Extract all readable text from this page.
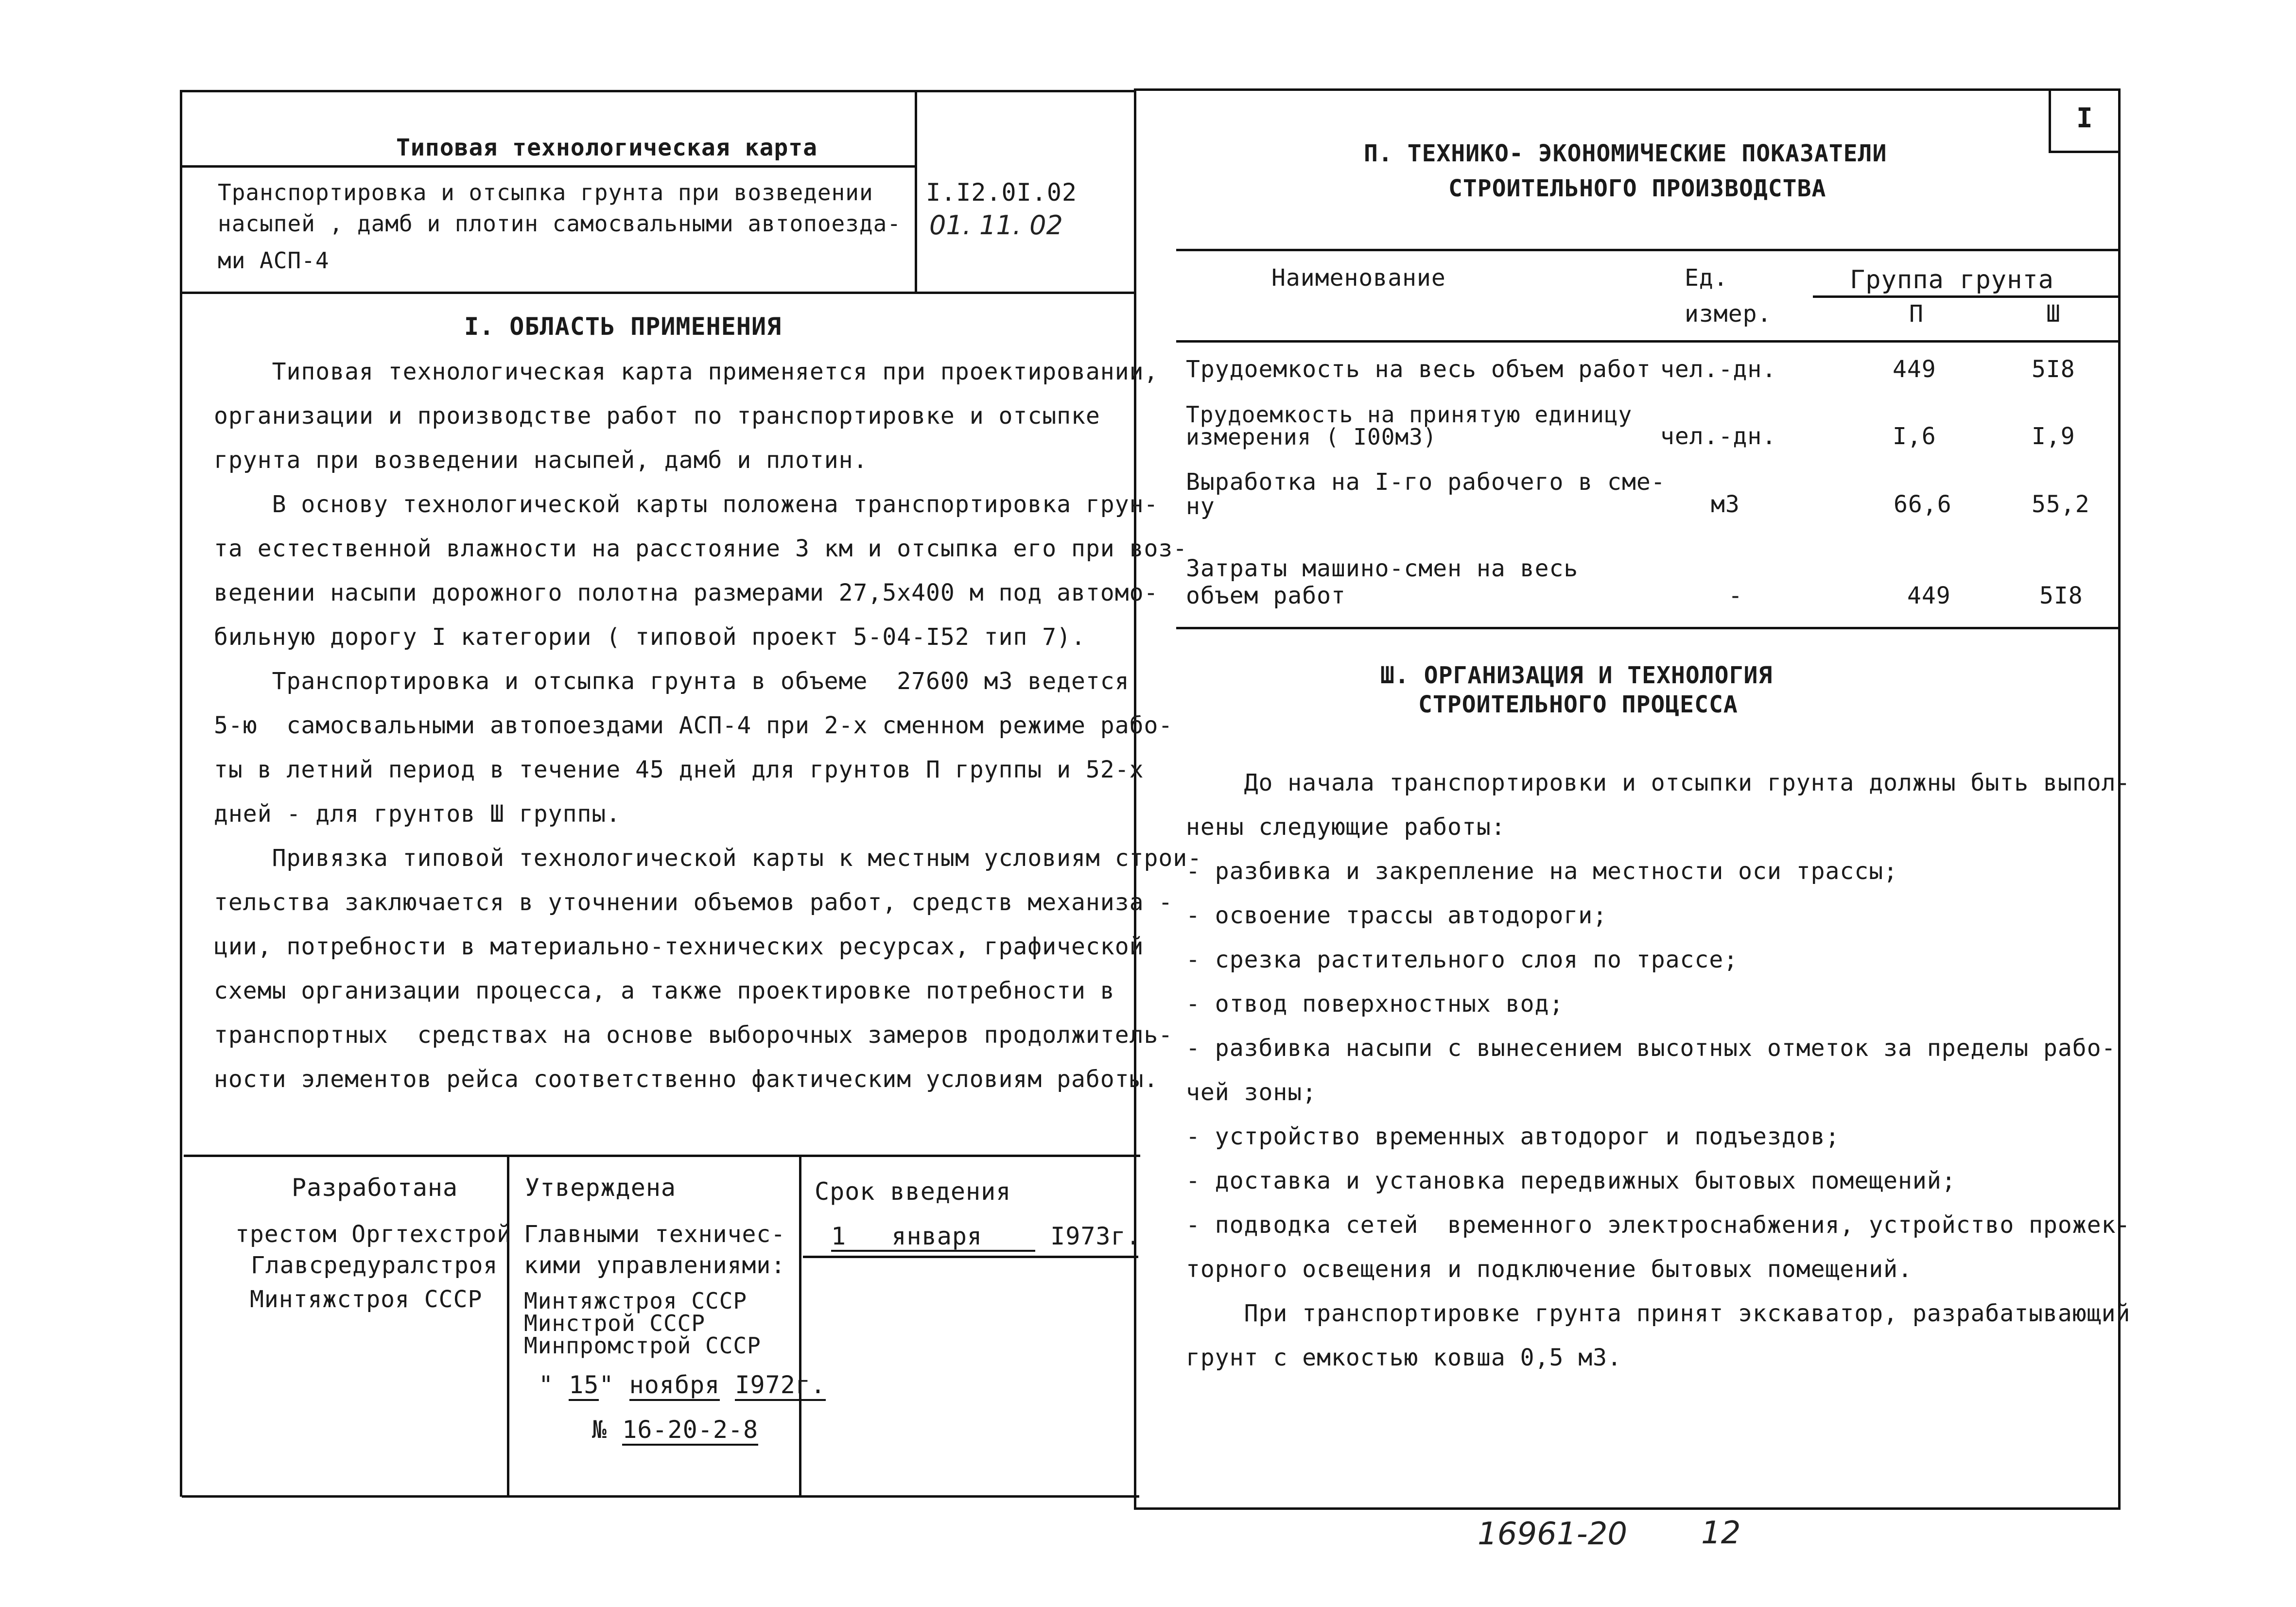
Типовая технологическая карта
Транспортировка и отсыпка грунта при возведении
насыпей , дамб и плотин самосвальными автопоезда-
ми АСП-4
I.I2.0I.02
01. 11. 02
I. ОБЛАСТЬ ПРИМЕНЕНИЯ
Типовая технологическая карта применяется при проектировании,
организации и производстве работ по транспортировке и отсыпке
грунта при возведении насыпей, дамб и плотин.
В основу технологической карты положена транспортировка грун-
та естественной влажности на расстояние 3 км и отсыпка его при воз-
ведении насыпи дорожного полотна размерами 27,5х400 м под автомо-
бильную дорогу I категории ( типовой проект 5-04-I52 тип 7).
Транспортировка и отсыпка грунта в объеме  27600 м3 ведется
5-ю  самосвальными автопоездами АСП-4 при 2-х сменном режиме рабо-
ты в летний период в течение 45 дней для грунтов П группы и 52-х
дней - для грунтов Ш группы.
Привязка типовой технологической карты к местным условиям строи-
тельства заключается в уточнении объемов работ, средств механиза -
ции, потребности в материально-технических ресурсах, графической
схемы организации процесса, а также проектировке потребности в
транспортных  средствах на основе выборочных замеров продолжитель-
ности элементов рейса соответственно фактическим условиям работы.
Разработана
трестом Оргтехстрой
Главсредуралстроя
Минтяжстроя СССР
Утверждена
Главными техничес-
кими управлениями:
Минтяжстроя СССР
Минстрой СССР
Минпромстрой СССР
" 15" ноября I972г.
№ 16-20-2-8
Срок введения
1 января	I973г.
I
П. ТЕХНИКО- ЭКОНОМИЧЕСКИЕ ПОКАЗАТЕЛИ
СТРОИТЕЛЬНОГО ПРОИЗВОДСТВА
Наименование	Ед.
измер.
Группа грунта
П	Ш
Трудоемкость на весь объем работ чел.-дн.	449	5I8
Трудоемкость на принятую единицу
измерения ( I00м3)	чел.-дн.	I,6	I,9
Выработка на I-го рабочего в сме-
ну	м3	66,6	55,2
Затраты машино-смен на весь
объем работ	-	449	5I8
Ш. ОРГАНИЗАЦИЯ И ТЕХНОЛОГИЯ
СТРОИТЕЛЬНОГО ПРОЦЕССА
До начала транспортировки и отсыпки грунта должны быть выпол-
нены следующие работы:
- разбивка и закрепление на местности оси трассы;
- освоение трассы автодороги;
- срезка растительного слоя по трассе;
- отвод поверхностных вод;
- разбивка насыпи с вынесением высотных отметок за пределы рабо-
чей зоны;
- устройство временных автодорог и подъездов;
- доставка и установка передвижных бытовых помещений;
- подводка сетей  временного электроснабжения, устройство прожек-
торного освещения и подключение бытовых помещений.
При транспортировке грунта принят экскаватор, разрабатывающий
грунт с емкостью ковша 0,5 м3.
16961-20 12
